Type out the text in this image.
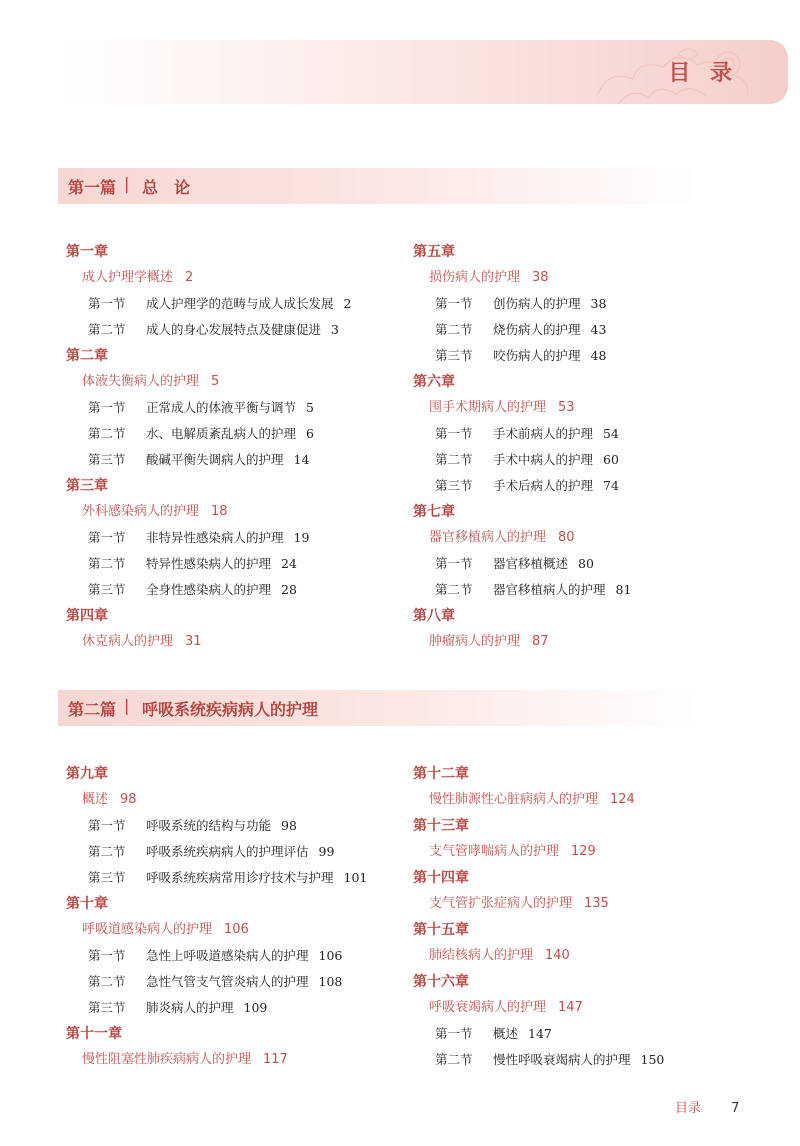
目 录
第一篇 | 总　论
第一章
成人护理学概述 2
第一节 成人护理学的范畴与成人成长发展 2
第二节 成人的身心发展特点及健康促进 3
第二章
体液失衡病人的护理 5
第一节 正常成人的体液平衡与调节 5
第二节 水、电解质紊乱病人的护理 6
第三节 酸碱平衡失调病人的护理 14
第三章
外科感染病人的护理 18
第一节 非特异性感染病人的护理 19
第二节 特异性感染病人的护理 24
第三节 全身性感染病人的护理 28
第四章
休克病人的护理 31
第五章
损伤病人的护理 38
第一节 创伤病人的护理 38
第二节 烧伤病人的护理 43
第三节 咬伤病人的护理 48
第六章
围手术期病人的护理 53
第一节 手术前病人的护理 54
第二节 手术中病人的护理 60
第三节 手术后病人的护理 74
第七章
器官移植病人的护理 80
第一节 器官移植概述 80
第二节 器官移植病人的护理 81
第八章
肿瘤病人的护理 87
第二篇 | 呼吸系统疾病病人的护理
第九章
概述 98
第一节 呼吸系统的结构与功能 98
第二节 呼吸系统疾病病人的护理评估 99
第三节 呼吸系统疾病常用诊疗技术与护理 101
第十章
呼吸道感染病人的护理 106
第一节 急性上呼吸道感染病人的护理 106
第二节 急性气管支气管炎病人的护理 108
第三节 肺炎病人的护理 109
第十一章
慢性阻塞性肺疾病病人的护理 117
第十二章
慢性肺源性心脏病病人的护理 124
第十三章
支气管哮喘病人的护理 129
第十四章
支气管扩张症病人的护理 135
第十五章
肺结核病人的护理 140
第十六章
呼吸衰竭病人的护理 147
第一节 概述 147
第二节 慢性呼吸衰竭病人的护理 150
目录 7
